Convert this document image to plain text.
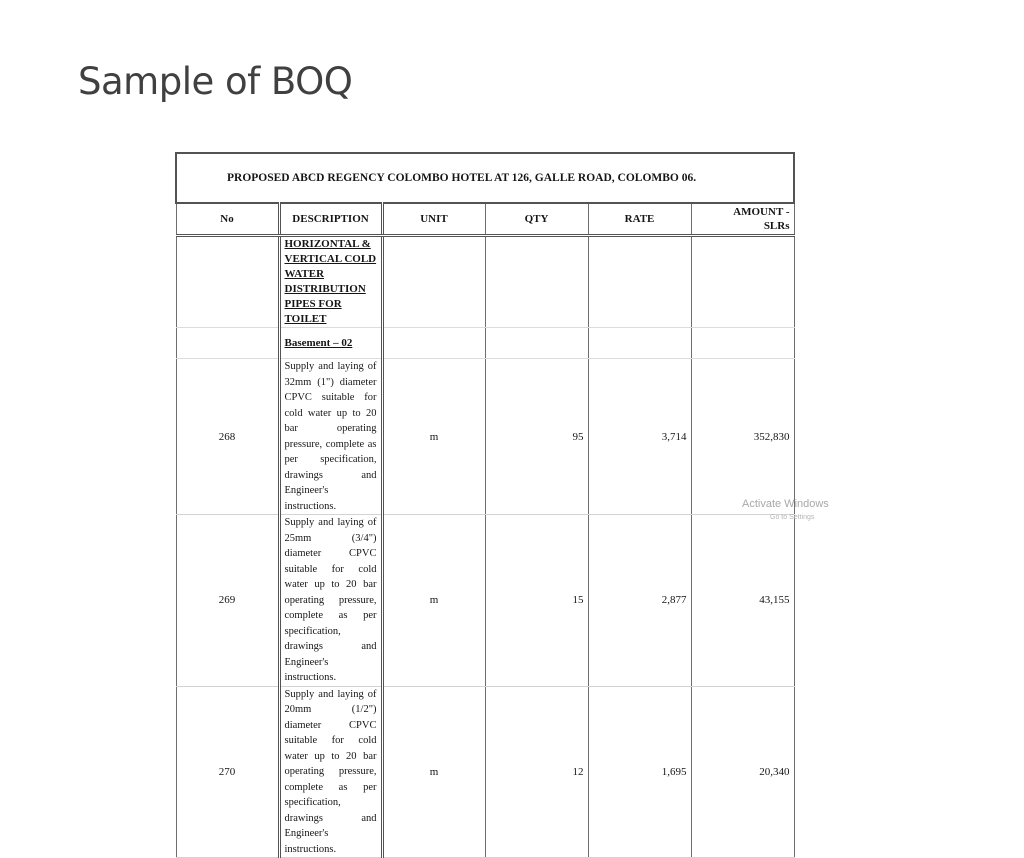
Sample of BOQ
PROPOSED ABCD REGENCY COLOMBO HOTEL AT 126, GALLE ROAD, COLOMBO 06.					
No	DESCRIPTION	UNIT	QTY	RATE	AMOUNT -
SLRs

	HORIZONTAL & VERTICAL COLD WATER DISTRIBUTION PIPES FOR TOILET				

	Basement – 02				
268	Supply and laying of 32mm (1") diameter CPVC suitable for cold water up to 20 bar operating pressure, complete as per specification, drawings and Engineer's instructions.	m	95	3,714	352,830
269	Supply and laying of 25mm (3/4") diameter CPVC suitable for cold water up to 20 bar operating pressure, complete as per specification, drawings and Engineer's instructions.	m	15	2,877	43,155
270	Supply and laying of 20mm (1/2") diameter CPVC suitable for cold water up to 20 bar operating pressure, complete as per specification, drawings and Engineer's instructions.	m	12	1,695	20,340
Activate Windows
Go to Settings
